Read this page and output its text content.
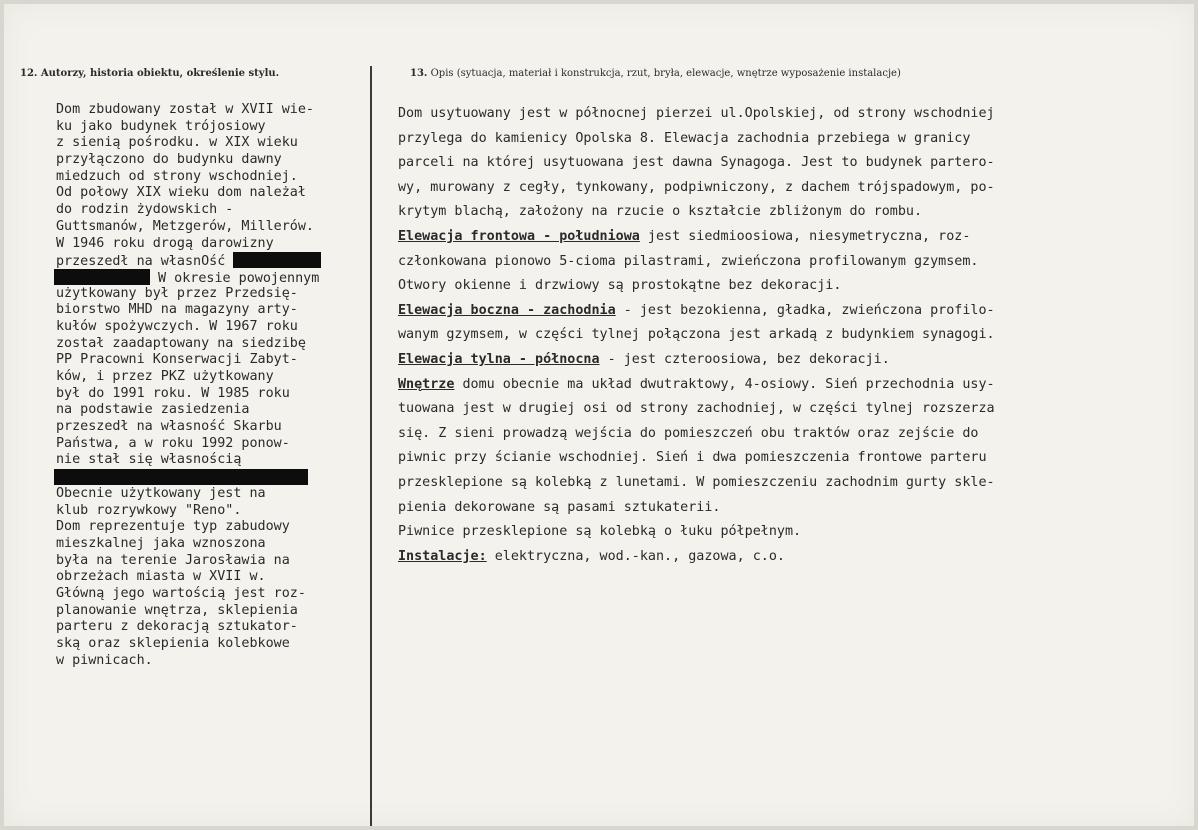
12. Autorzy, historia obiektu, określenie stylu.	13. Opis (sytuacja, materiał i konstrukcja, rzut, bryła, elewacje, wnętrze wyposażenie instalacje)
Dom zbudowany został w XVII wie-
ku jako budynek trójosiowy
z sienią pośrodku. w XIX wieku
przyłączono do budynku dawny
miedzuch od strony wschodniej.
Od połowy XIX wieku dom należał
do rodzin żydowskich -
Guttsmanów, Metzgerów, Millerów.
W 1946 roku drogą darowizny
przeszedł na własnOść
W okresie powojennym
użytkowany był przez Przedsię-
biorstwo MHD na magazyny arty-
kułów spożywczych. W 1967 roku
został zaadaptowany na siedzibę
PP Pracowni Konserwacji Zabyt-
ków, i przez PKZ użytkowany
był do 1991 roku. W 1985 roku
na podstawie zasiedzenia
przeszedł na własność Skarbu
Państwa, a w roku 1992 ponow-
nie stał się własnością
Obecnie użytkowany jest na
klub rozrywkowy "Reno".
Dom reprezentuje typ zabudowy
mieszkalnej jaka wznoszona
była na terenie Jarosławia na
obrzeżach miasta w XVII w.
Główną jego wartością jest roz-
planowanie wnętrza, sklepienia
parteru z dekoracją sztukator-
ską oraz sklepienia kolebkowe
w piwnicach.
Dom usytuowany jest w północnej pierzei ul.Opolskiej, od strony wschodniej
przylega do kamienicy Opolska 8. Elewacja zachodnia przebiega w granicy
parceli na której usytuowana jest dawna Synagoga. Jest to budynek partero-
wy, murowany z cegły, tynkowany, podpiwniczony, z dachem trójspadowym, po-
krytym blachą, założony na rzucie o kształcie zbliżonym do rombu.
Elewacja frontowa - południowa jest siedmioosiowa, niesymetryczna, roz-
członkowana pionowo 5-cioma pilastrami, zwieńczona profilowanym gzymsem.
Otwory okienne i drzwiowy są prostokątne bez dekoracji.
Elewacja boczna - zachodnia - jest bezokienna, gładka, zwieńczona profilo-
wanym gzymsem, w części tylnej połączona jest arkadą z budynkiem synagogi.
Elewacja tylna - północna - jest czteroosiowa, bez dekoracji.
Wnętrze domu obecnie ma układ dwutraktowy, 4-osiowy. Sień przechodnia usy-
tuowana jest w drugiej osi od strony zachodniej, w części tylnej rozszerza
się. Z sieni prowadzą wejścia do pomieszczeń obu traktów oraz zejście do
piwnic przy ścianie wschodniej. Sień i dwa pomieszczenia frontowe parteru
przesklepione są kolebką z lunetami. W pomieszczeniu zachodnim gurty skle-
pienia dekorowane są pasami sztukaterii.
Piwnice przesklepione są kolebką o łuku półpełnym.
Instalacje: elektryczna, wod.-kan., gazowa, c.o.
